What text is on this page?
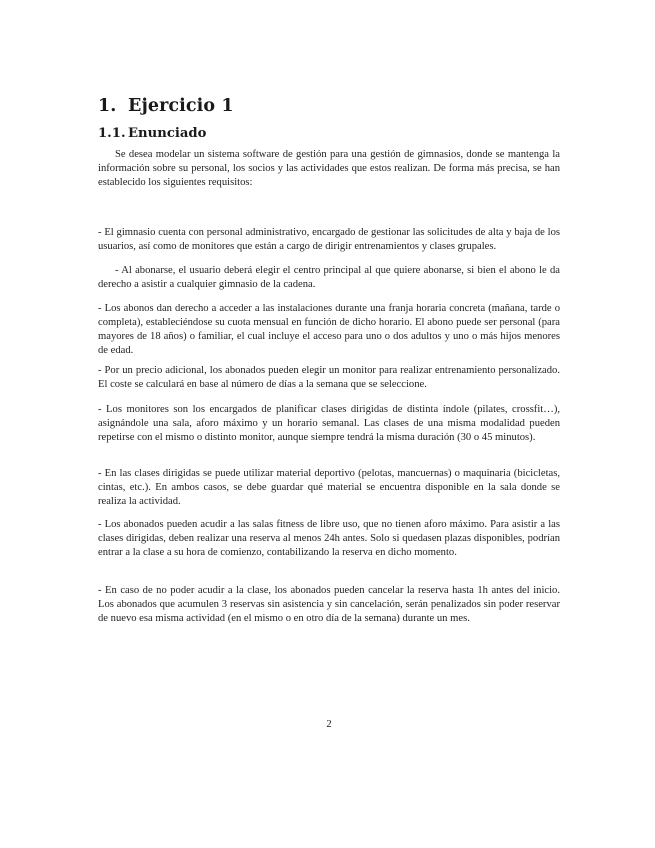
1. Ejercicio 1
1.1. Enunciado

Se desea modelar un sistema software de gestión para una gestión de gimnasios, donde se mantenga la información sobre su personal, los socios y las actividades que estos realizan. De forma más precisa, se han establecido los siguientes requisitos:

- El gimnasio cuenta con personal administrativo, encargado de gestionar las solicitudes de alta y baja de los usuarios, así como de monitores que están a cargo de dirigir entrenamientos y clases grupales.

- Al abonarse, el usuario deberá elegir el centro principal al que quiere abonarse, si bien el abono le da derecho a asistir a cualquier gimnasio de la cadena.

- Los abonos dan derecho a acceder a las instalaciones durante una franja horaria concreta (mañana, tarde o completa), estableciéndose su cuota mensual en función de dicho horario. El abono puede ser personal (para mayores de 18 años) o familiar, el cual incluye el acceso para uno o dos adultos y uno o más hijos menores de edad.

- Por un precio adicional, los abonados pueden elegir un monitor para realizar entrenamiento personalizado. El coste se calculará en base al número de días a la semana que se seleccione.

- Los monitores son los encargados de planificar clases dirigidas de distinta índole (pilates, crossfit…), asignándole una sala, aforo máximo y un horario semanal. Las clases de una misma modalidad pueden repetirse con el mismo o distinto monitor, aunque siempre tendrá la misma duración (30 o 45 minutos).

- En las clases dirigidas se puede utilizar material deportivo (pelotas, mancuernas) o maquinaria (bicicletas, cintas, etc.). En ambos casos, se debe guardar qué material se encuentra disponible en la sala donde se realiza la actividad.

- Los abonados pueden acudir a las salas fitness de libre uso, que no tienen aforo máximo. Para asistir a las clases dirigidas, deben realizar una reserva al menos 24h antes. Solo si quedasen plazas disponibles, podrían entrar a la clase a su hora de comienzo, contabilizando la reserva en dicho momento.

- En caso de no poder acudir a la clase, los abonados pueden cancelar la reserva hasta 1h antes del inicio. Los abonados que acumulen 3 reservas sin asistencia y sin cancelación, serán penalizados sin poder reservar de nuevo esa misma actividad (en el mismo o en otro día de la semana) durante un mes.

2
